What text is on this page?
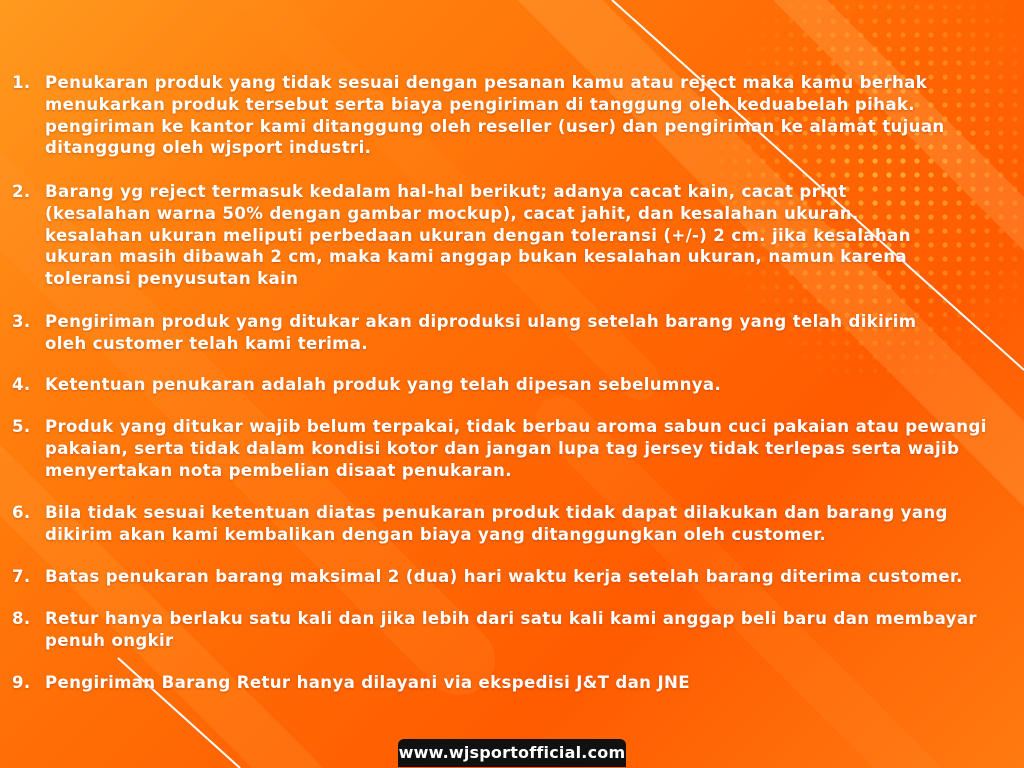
1. Penukaran produk yang tidak sesuai dengan pesanan kamu atau reject maka kamu berhak
menukarkan produk tersebut serta biaya pengiriman di tanggung oleh keduabelah pihak.
pengiriman ke kantor kami ditanggung oleh reseller (user) dan pengiriman ke alamat tujuan
ditanggung oleh wjsport industri.
2. Barang yg reject termasuk kedalam hal-hal berikut; adanya cacat kain, cacat print
(kesalahan warna 50% dengan gambar mockup), cacat jahit, dan kesalahan ukuran.
kesalahan ukuran meliputi perbedaan ukuran dengan toleransi (+/-) 2 cm. jika kesalahan
ukuran masih dibawah 2 cm, maka kami anggap bukan kesalahan ukuran, namun karena
toleransi penyusutan kain
3. Pengiriman produk yang ditukar akan diproduksi ulang setelah barang yang telah dikirim
oleh customer telah kami terima.
4. Ketentuan penukaran adalah produk yang telah dipesan sebelumnya.
5. Produk yang ditukar wajib belum terpakai, tidak berbau aroma sabun cuci pakaian atau pewangi
pakaian, serta tidak dalam kondisi kotor dan jangan lupa tag jersey tidak terlepas serta wajib
menyertakan nota pembelian disaat penukaran.
6. Bila tidak sesuai ketentuan diatas penukaran produk tidak dapat dilakukan dan barang yang
dikirim akan kami kembalikan dengan biaya yang ditanggungkan oleh customer.
7. Batas penukaran barang maksimal 2 (dua) hari waktu kerja setelah barang diterima customer.
8. Retur hanya berlaku satu kali dan jika lebih dari satu kali kami anggap beli baru dan membayar
penuh ongkir
9. Pengiriman Barang Retur hanya dilayani via ekspedisi J&T dan JNE
www.wjsportofficial.com
